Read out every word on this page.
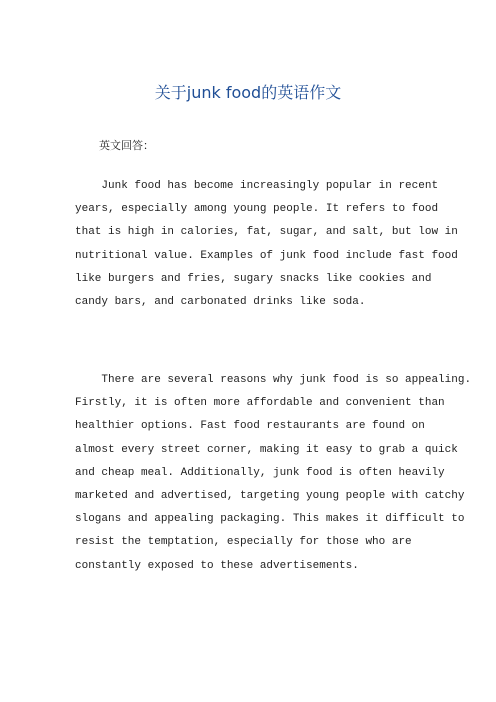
关于junk food的英语作文

英文回答：

Junk food has become increasingly popular in recent
years, especially among young people. It refers to food
that is high in calories, fat, sugar, and salt, but low in
nutritional value. Examples of junk food include fast food
like burgers and fries, sugary snacks like cookies and
candy bars, and carbonated drinks like soda.

There are several reasons why junk food is so appealing.
Firstly, it is often more affordable and convenient than
healthier options. Fast food restaurants are found on
almost every street corner, making it easy to grab a quick
and cheap meal. Additionally, junk food is often heavily
marketed and advertised, targeting young people with catchy
slogans and appealing packaging. This makes it difficult to
resist the temptation, especially for those who are
constantly exposed to these advertisements.
